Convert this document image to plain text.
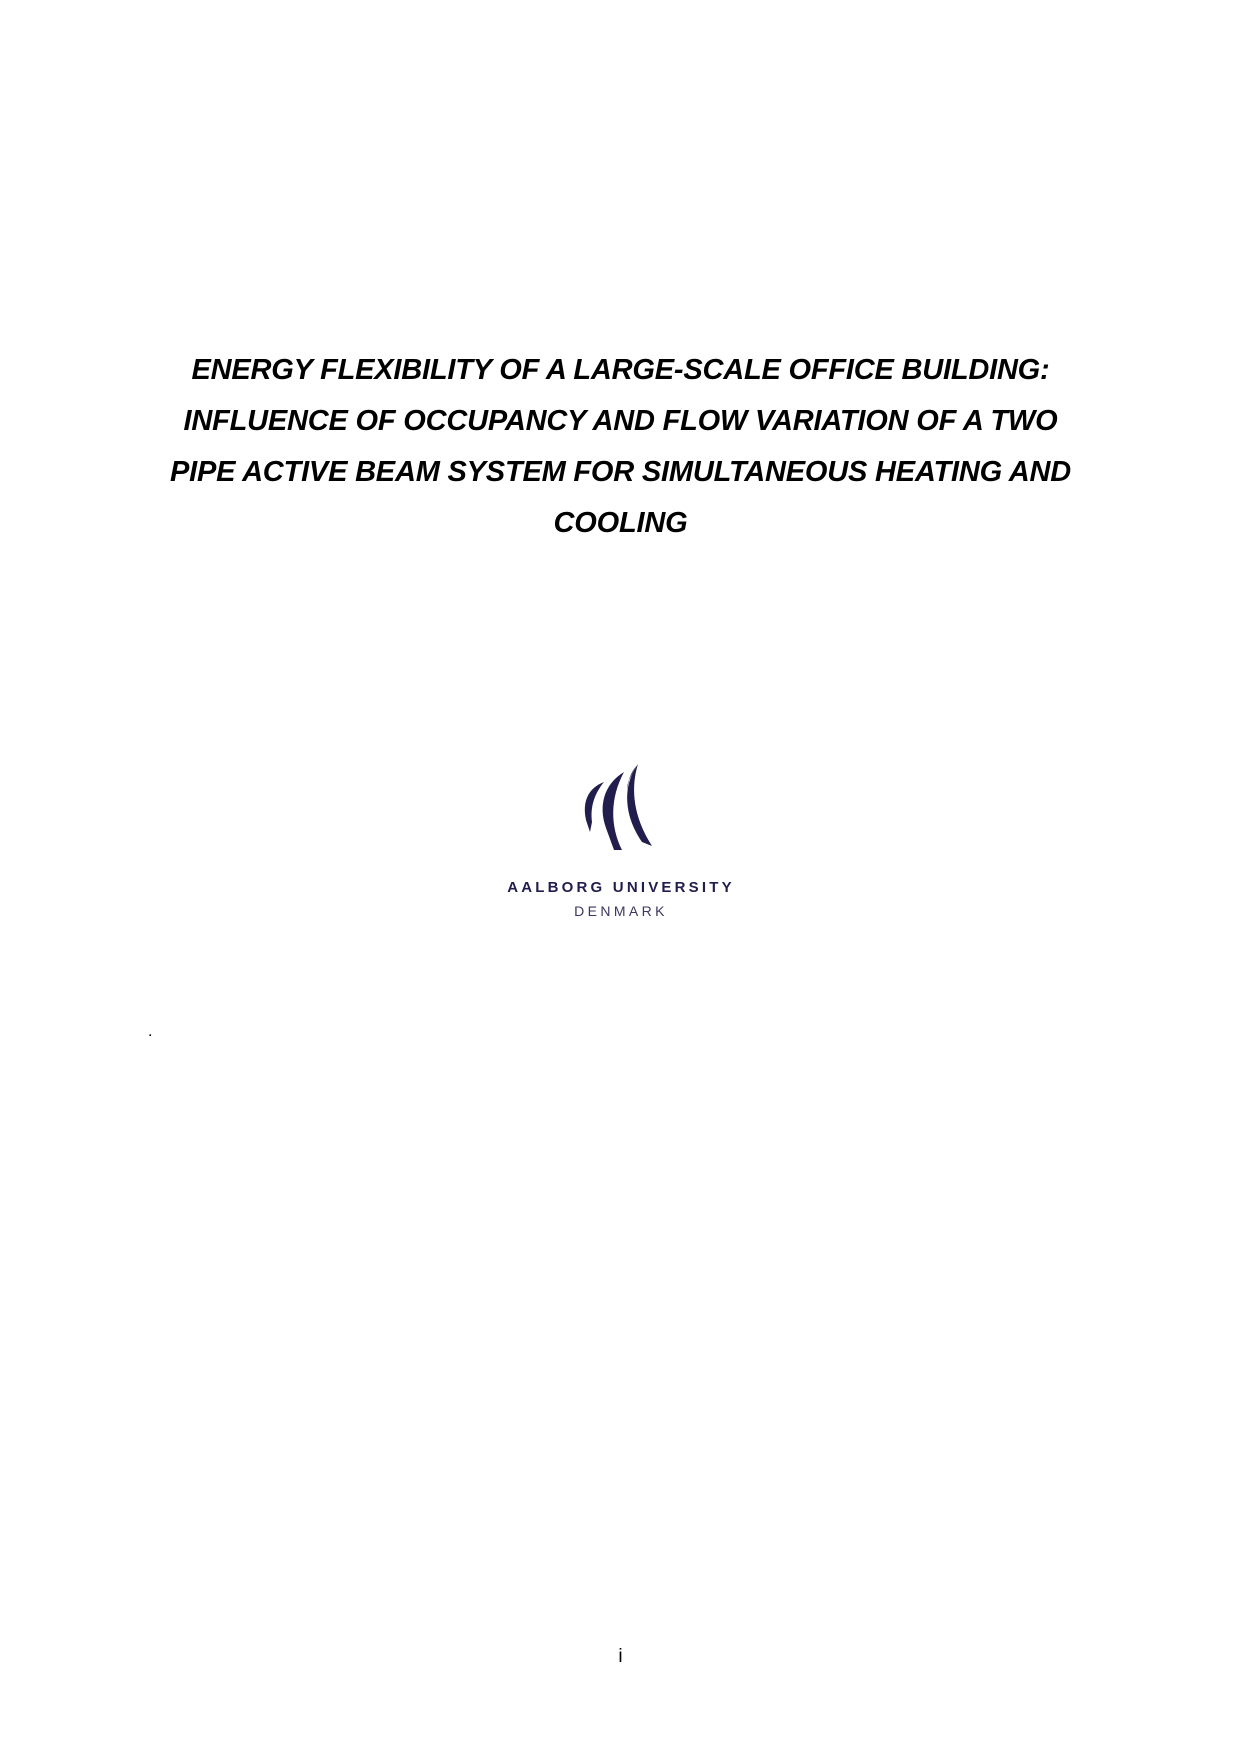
ENERGY FLEXIBILITY OF A LARGE-SCALE OFFICE BUILDING:
INFLUENCE OF OCCUPANCY AND FLOW VARIATION OF A TWO
PIPE ACTIVE BEAM SYSTEM FOR SIMULTANEOUS HEATING AND
COOLING
AALBORG UNIVERSITY
DENMARK
.
i
